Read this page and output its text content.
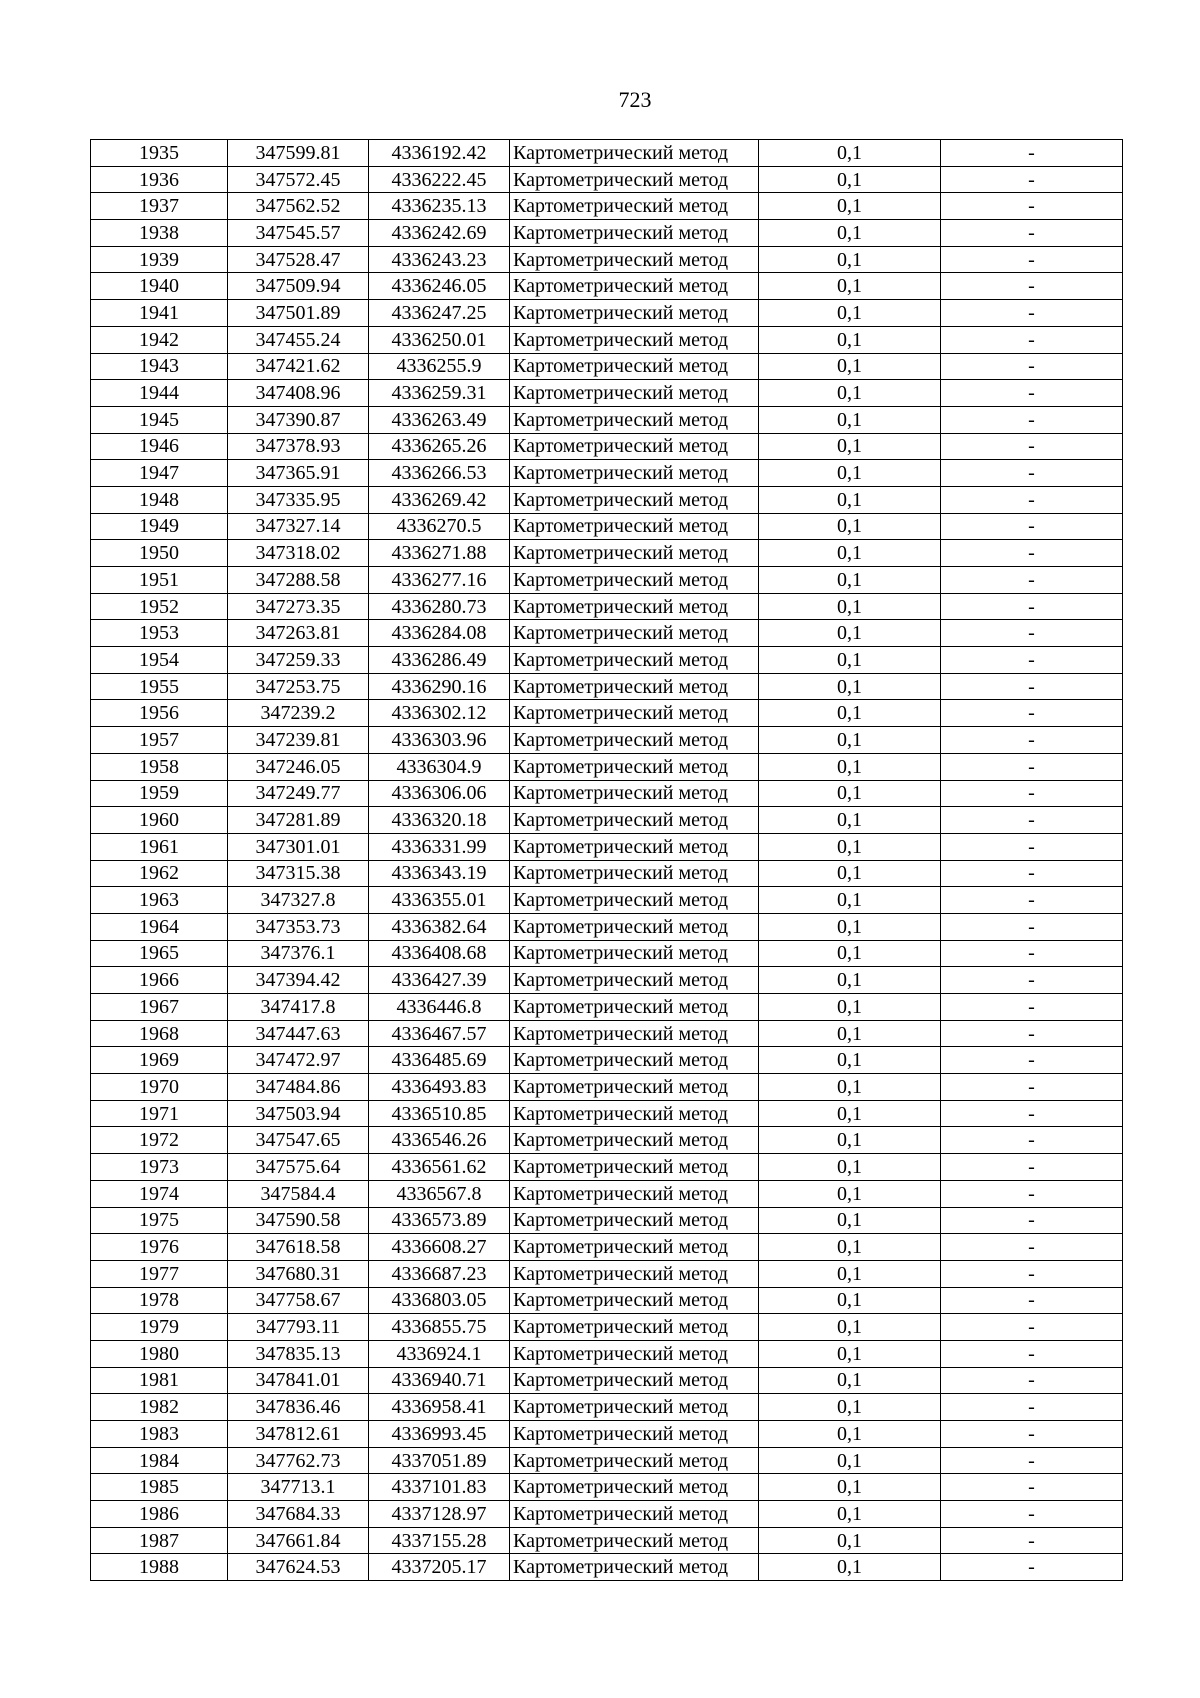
723
1935	347599.81	4336192.42	Картометрический метод	0,1	-
1936	347572.45	4336222.45	Картометрический метод	0,1	-
1937	347562.52	4336235.13	Картометрический метод	0,1	-
1938	347545.57	4336242.69	Картометрический метод	0,1	-
1939	347528.47	4336243.23	Картометрический метод	0,1	-
1940	347509.94	4336246.05	Картометрический метод	0,1	-
1941	347501.89	4336247.25	Картометрический метод	0,1	-
1942	347455.24	4336250.01	Картометрический метод	0,1	-
1943	347421.62	4336255.9	Картометрический метод	0,1	-
1944	347408.96	4336259.31	Картометрический метод	0,1	-
1945	347390.87	4336263.49	Картометрический метод	0,1	-
1946	347378.93	4336265.26	Картометрический метод	0,1	-
1947	347365.91	4336266.53	Картометрический метод	0,1	-
1948	347335.95	4336269.42	Картометрический метод	0,1	-
1949	347327.14	4336270.5	Картометрический метод	0,1	-
1950	347318.02	4336271.88	Картометрический метод	0,1	-
1951	347288.58	4336277.16	Картометрический метод	0,1	-
1952	347273.35	4336280.73	Картометрический метод	0,1	-
1953	347263.81	4336284.08	Картометрический метод	0,1	-
1954	347259.33	4336286.49	Картометрический метод	0,1	-
1955	347253.75	4336290.16	Картометрический метод	0,1	-
1956	347239.2	4336302.12	Картометрический метод	0,1	-
1957	347239.81	4336303.96	Картометрический метод	0,1	-
1958	347246.05	4336304.9	Картометрический метод	0,1	-
1959	347249.77	4336306.06	Картометрический метод	0,1	-
1960	347281.89	4336320.18	Картометрический метод	0,1	-
1961	347301.01	4336331.99	Картометрический метод	0,1	-
1962	347315.38	4336343.19	Картометрический метод	0,1	-
1963	347327.8	4336355.01	Картометрический метод	0,1	-
1964	347353.73	4336382.64	Картометрический метод	0,1	-
1965	347376.1	4336408.68	Картометрический метод	0,1	-
1966	347394.42	4336427.39	Картометрический метод	0,1	-
1967	347417.8	4336446.8	Картометрический метод	0,1	-
1968	347447.63	4336467.57	Картометрический метод	0,1	-
1969	347472.97	4336485.69	Картометрический метод	0,1	-
1970	347484.86	4336493.83	Картометрический метод	0,1	-
1971	347503.94	4336510.85	Картометрический метод	0,1	-
1972	347547.65	4336546.26	Картометрический метод	0,1	-
1973	347575.64	4336561.62	Картометрический метод	0,1	-
1974	347584.4	4336567.8	Картометрический метод	0,1	-
1975	347590.58	4336573.89	Картометрический метод	0,1	-
1976	347618.58	4336608.27	Картометрический метод	0,1	-
1977	347680.31	4336687.23	Картометрический метод	0,1	-
1978	347758.67	4336803.05	Картометрический метод	0,1	-
1979	347793.11	4336855.75	Картометрический метод	0,1	-
1980	347835.13	4336924.1	Картометрический метод	0,1	-
1981	347841.01	4336940.71	Картометрический метод	0,1	-
1982	347836.46	4336958.41	Картометрический метод	0,1	-
1983	347812.61	4336993.45	Картометрический метод	0,1	-
1984	347762.73	4337051.89	Картометрический метод	0,1	-
1985	347713.1	4337101.83	Картометрический метод	0,1	-
1986	347684.33	4337128.97	Картометрический метод	0,1	-
1987	347661.84	4337155.28	Картометрический метод	0,1	-
1988	347624.53	4337205.17	Картометрический метод	0,1	-
